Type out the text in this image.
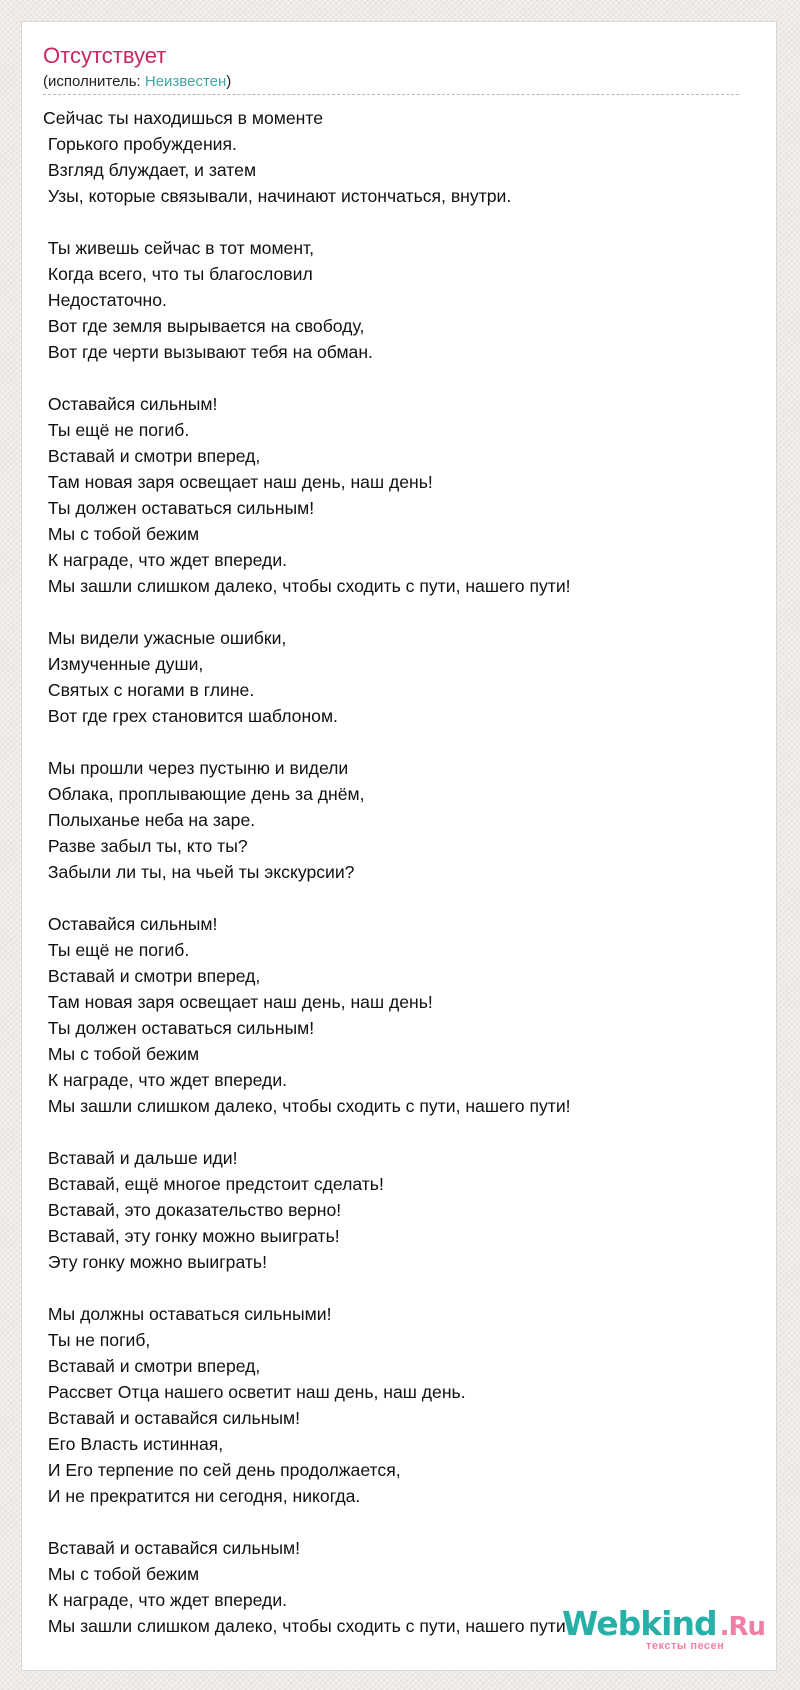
Отсутствует
(исполнитель: Неизвестен)
Сейчас ты находишься в моменте
Горького пробуждения.
Взгляд блуждает, и затем
Узы, которые связывали, начинают истончаться, внутри.
Ты живешь сейчас в тот момент,
Когда всего, что ты благословил
Недостаточно.
Вот где земля вырывается на свободу,
Вот где черти вызывают тебя на обман.
Оставайся сильным!
Ты ещё не погиб.
Вставай и смотри вперед,
Там новая заря освещает наш день, наш день!
Ты должен оставаться сильным!
Мы с тобой бежим
К награде, что ждет впереди.
Мы зашли слишком далеко, чтобы сходить с пути, нашего пути!
Мы видели ужасные ошибки,
Измученные души,
Святых с ногами в глине.
Вот где грех становится шаблоном.
Мы прошли через пустыню и видели
Облака, проплывающие день за днём,
Полыханье неба на заре.
Разве забыл ты, кто ты?
Забыли ли ты, на чьей ты экскурсии?
Оставайся сильным!
Ты ещё не погиб.
Вставай и смотри вперед,
Там новая заря освещает наш день, наш день!
Ты должен оставаться сильным!
Мы с тобой бежим
К награде, что ждет впереди.
Мы зашли слишком далеко, чтобы сходить с пути, нашего пути!
Вставай и дальше иди!
Вставай, ещё многое предстоит сделать!
Вставай, это доказательство верно!
Вставай, эту гонку можно выиграть!
Эту гонку можно выиграть!
Мы должны оставаться сильными!
Ты не погиб,
Вставай и смотри вперед,
Рассвет Отца нашего осветит наш день, наш день.
Вставай и оставайся сильным!
Его Власть истинная,
И Его терпение по сей день продолжается,
И не прекратится ни сегодня, никогда.
Вставай и оставайся сильным!
Мы с тобой бежим
К награде, что ждет впереди.
Мы зашли слишком далеко, чтобы сходить с пути, нашего пути!
Webkind .Ru
тексты песен
